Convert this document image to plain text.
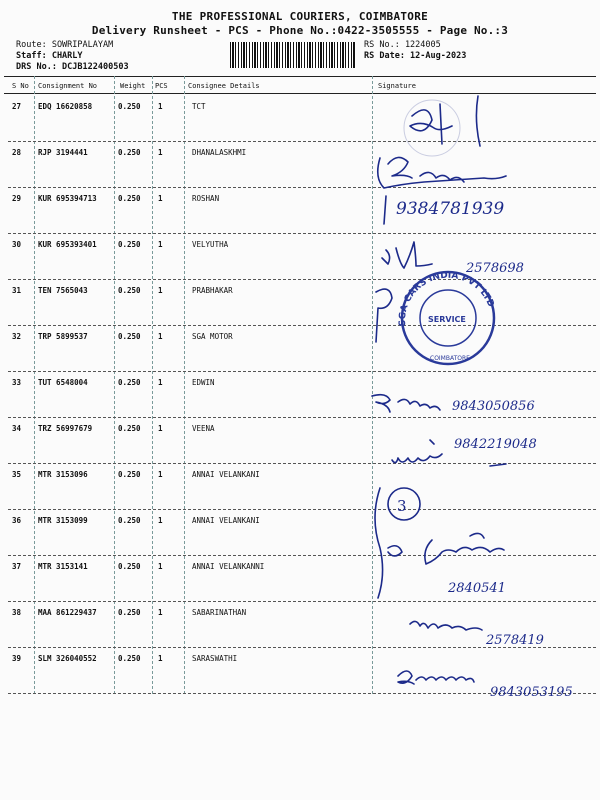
THE PROFESSIONAL COURIERS, COIMBATORE
Delivery Runsheet - PCS - Phone No.:0422-3505555 - Page No.:3
Route: SOWRIPALAYAM
Staff: CHARLY
DRS No.: DCJB122400503
RS No.: 1224005
RS Date: 12-Aug-2023
S No Consignment No	Weight PCS	Consignee Details	Signature
27 EDQ 16620858	0.250 1	TCT
28 RJP 3194441	0.250 1	DHANALASKHMI
29 KUR 695394713	0.250 1	ROSHAN
30 KUR 695393401	0.250 1	VELYUTHA
31 TEN 7565043	0.250 1	PRABHAKAR
32 TRP 5899537	0.250 1	SGA MOTOR
33 TUT 6548004	0.250 1	EDWIN
34 TRZ 56997679	0.250 1	VEENA
35 MTR 3153096	0.250 1	ANNAI VELANKANI
36 MTR 3153099	0.250 1	ANNAI VELANKANI
37 MTR 3153141	0.250 1	ANNAI VELANKANNI
38 MAA 861229437	0.250 1	SABARINATHAN
39 SLM 326040552	0.250 1	SARASWATHI
9384781939
2578698
9843050856
9842219048
3
2840541
2578419
9843053195
SGA CARS INDIA PVT LTD
SERVICE
COIMBATORE
